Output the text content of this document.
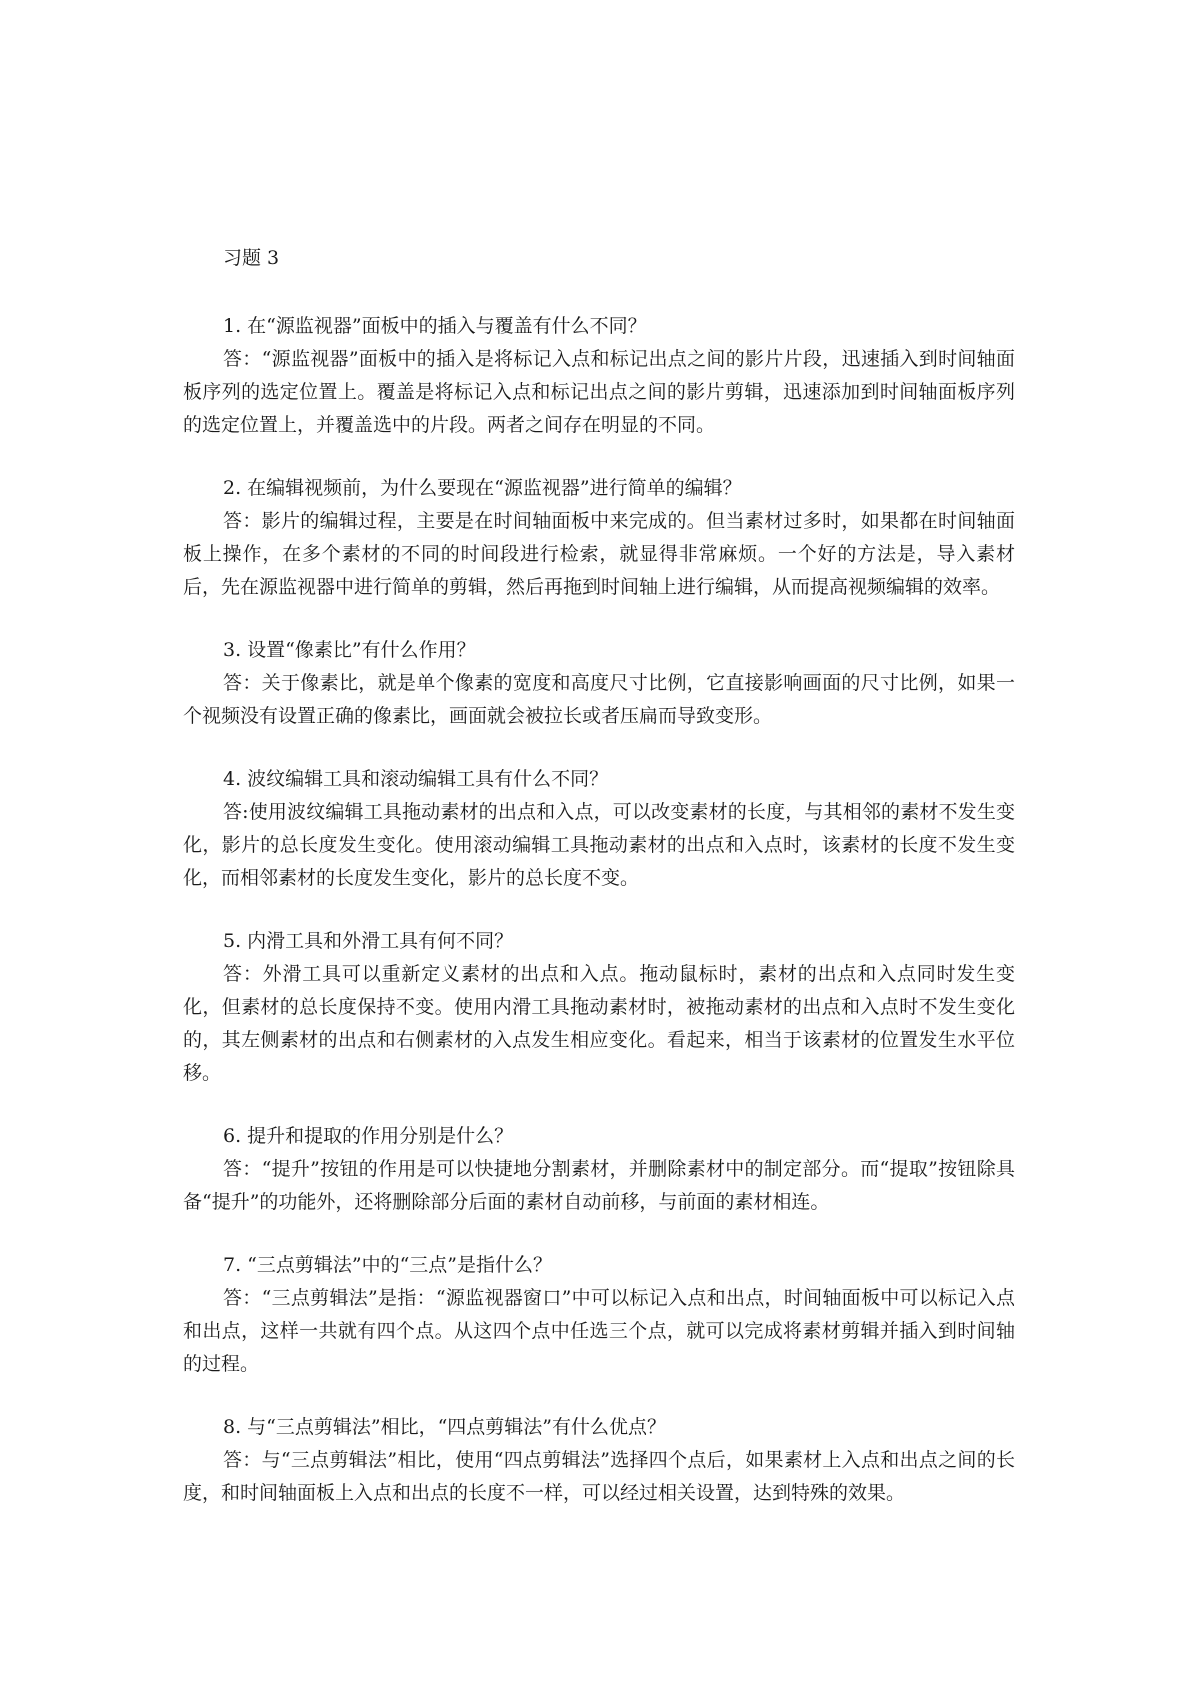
习题 3

1. 在“源监视器”面板中的插入与覆盖有什么不同？

答：“源监视器”面板中的插入是将标记入点和标记出点之间的影片片段，迅速插入到时间轴面板序列的选定位置上。覆盖是将标记入点和标记出点之间的影片剪辑，迅速添加到时间轴面板序列的选定位置上，并覆盖选中的片段。两者之间存在明显的不同。

2. 在编辑视频前，为什么要现在“源监视器”进行简单的编辑？

答：影片的编辑过程，主要是在时间轴面板中来完成的。但当素材过多时，如果都在时间轴面板上操作，在多个素材的不同的时间段进行检索，就显得非常麻烦。一个好的方法是，导入素材后，先在源监视器中进行简单的剪辑，然后再拖到时间轴上进行编辑，从而提高视频编辑的效率。

3. 设置“像素比”有什么作用？

答：关于像素比，就是单个像素的宽度和高度尺寸比例，它直接影响画面的尺寸比例，如果一个视频没有设置正确的像素比，画面就会被拉长或者压扁而导致变形。

4. 波纹编辑工具和滚动编辑工具有什么不同？

答:使用波纹编辑工具拖动素材的出点和入点，可以改变素材的长度，与其相邻的素材不发生变化，影片的总长度发生变化。使用滚动编辑工具拖动素材的出点和入点时，该素材的长度不发生变化，而相邻素材的长度发生变化，影片的总长度不变。

5. 内滑工具和外滑工具有何不同？

答：外滑工具可以重新定义素材的出点和入点。拖动鼠标时，素材的出点和入点同时发生变化，但素材的总长度保持不变。使用内滑工具拖动素材时，被拖动素材的出点和入点时不发生变化的，其左侧素材的出点和右侧素材的入点发生相应变化。看起来，相当于该素材的位置发生水平位移。

6. 提升和提取的作用分别是什么？

答：“提升”按钮的作用是可以快捷地分割素材，并删除素材中的制定部分。而“提取”按钮除具备“提升”的功能外，还将删除部分后面的素材自动前移，与前面的素材相连。

7. “三点剪辑法”中的“三点”是指什么？

答：“三点剪辑法”是指：“源监视器窗口”中可以标记入点和出点，时间轴面板中可以标记入点和出点，这样一共就有四个点。从这四个点中任选三个点，就可以完成将素材剪辑并插入到时间轴的过程。

8. 与“三点剪辑法”相比，“四点剪辑法”有什么优点？

答：与“三点剪辑法”相比，使用“四点剪辑法”选择四个点后，如果素材上入点和出点之间的长度，和时间轴面板上入点和出点的长度不一样，可以经过相关设置，达到特殊的效果。
